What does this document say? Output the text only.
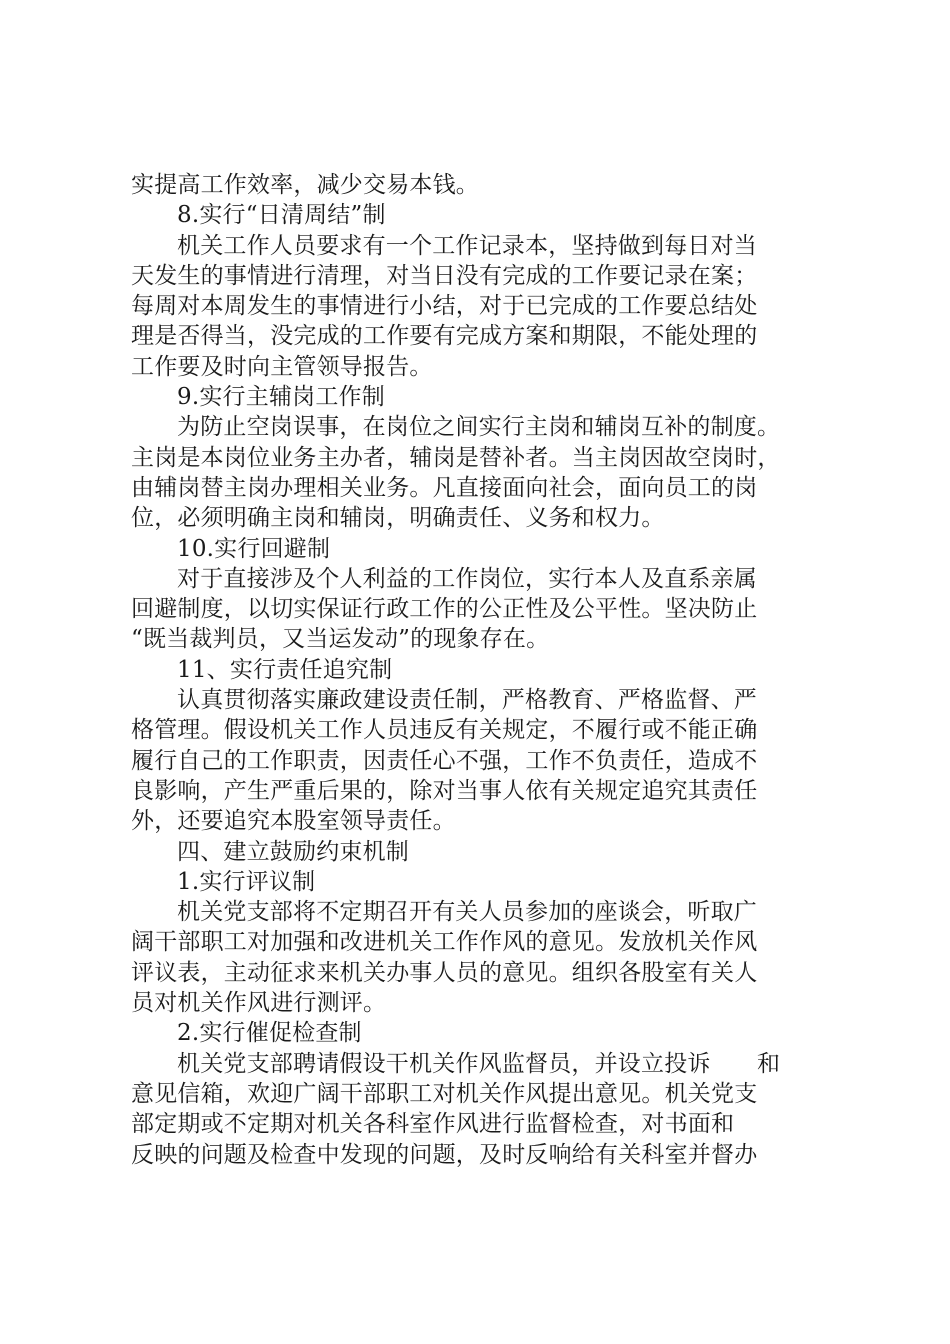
实提高工作效率，减少交易本钱。
8.实行“日清周结”制
机关工作人员要求有一个工作记录本，坚持做到每日对当
天发生的事情进行清理，对当日没有完成的工作要记录在案；
每周对本周发生的事情进行小结，对于已完成的工作要总结处
理是否得当，没完成的工作要有完成方案和期限，不能处理的
工作要及时向主管领导报告。
9.实行主辅岗工作制
为防止空岗误事，在岗位之间实行主岗和辅岗互补的制度。
主岗是本岗位业务主办者，辅岗是替补者。当主岗因故空岗时，
由辅岗替主岗办理相关业务。凡直接面向社会，面向员工的岗
位，必须明确主岗和辅岗，明确责任、义务和权力。
10.实行回避制
对于直接涉及个人利益的工作岗位，实行本人及直系亲属
回避制度，以切实保证行政工作的公正性及公平性。坚决防止
“既当裁判员，又当运发动”的现象存在。
11、实行责任追究制
认真贯彻落实廉政建设责任制，严格教育、严格监督、严
格管理。假设机关工作人员违反有关规定，不履行或不能正确
履行自己的工作职责，因责任心不强，工作不负责任，造成不
良影响，产生严重后果的，除对当事人依有关规定追究其责任
外，还要追究本股室领导责任。
四、建立鼓励约束机制
1.实行评议制
机关党支部将不定期召开有关人员参加的座谈会，听取广
阔干部职工对加强和改进机关工作作风的意见。发放机关作风
评议表，主动征求来机关办事人员的意见。组织各股室有关人
员对机关作风进行测评。
2.实行催促检查制
机关党支部聘请假设干机关作风监督员，并设立投诉　　和
意见信箱，欢迎广阔干部职工对机关作风提出意见。机关党支
部定期或不定期对机关各科室作风进行监督检查，对书面和
反映的问题及检查中发现的问题，及时反响给有关科室并督办
